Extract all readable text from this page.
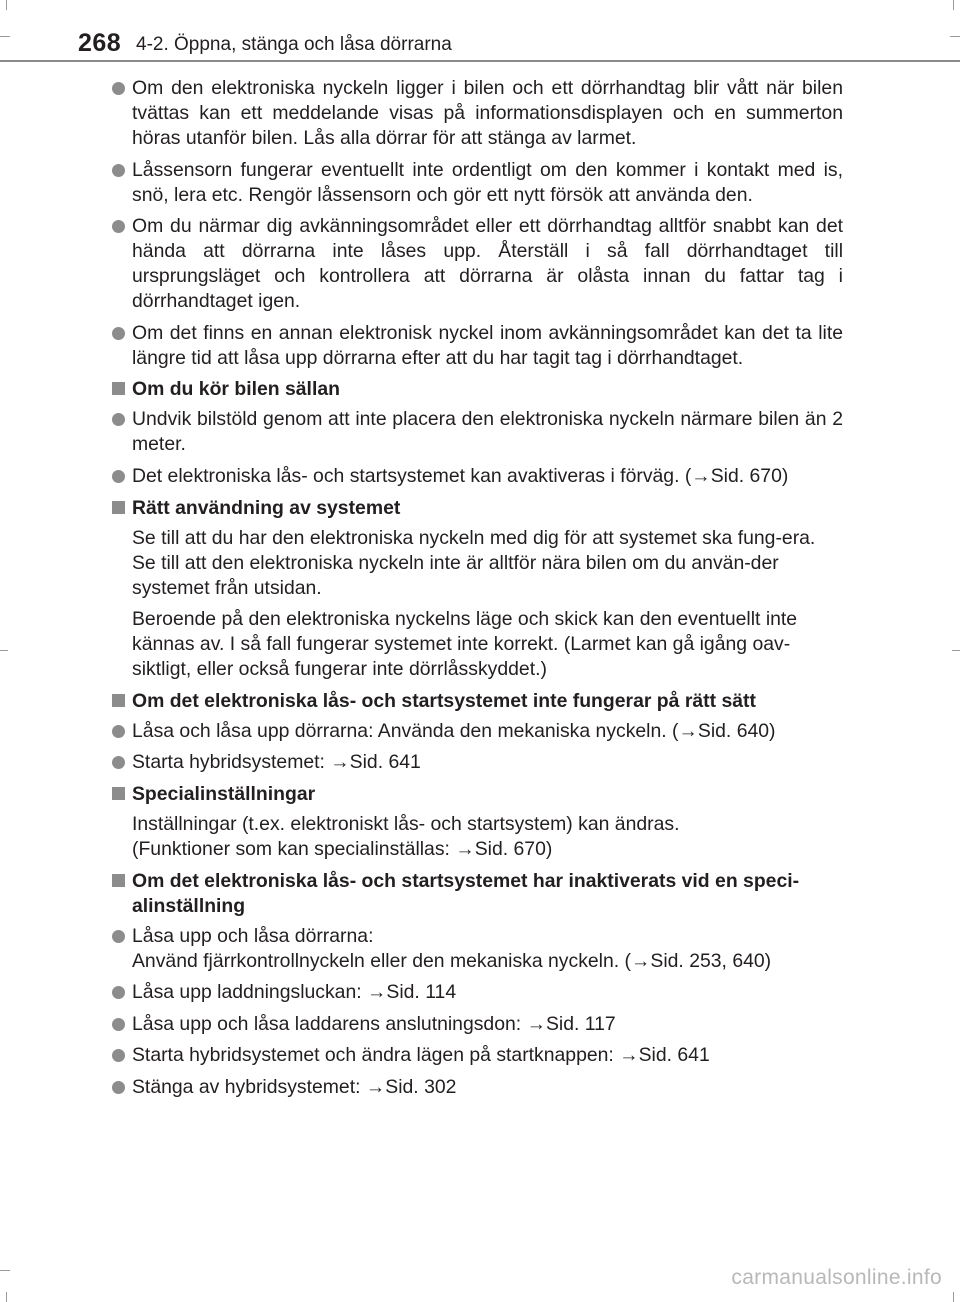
268 4-2. Öppna, stänga och låsa dörrarna
Om den elektroniska nyckeln ligger i bilen och ett dörrhandtag blir vått när bilen tvättas kan ett meddelande visas på informationsdisplayen och en summerton höras utanför bilen. Lås alla dörrar för att stänga av larmet.
Låssensorn fungerar eventuellt inte ordentligt om den kommer i kontakt med is, snö, lera etc. Rengör låssensorn och gör ett nytt försök att använda den.
Om du närmar dig avkänningsområdet eller ett dörrhandtag alltför snabbt kan det hända att dörrarna inte låses upp. Återställ i så fall dörrhandtaget till ursprungsläget och kontrollera att dörrarna är olåsta innan du fattar tag i dörrhandtaget igen.
Om det finns en annan elektronisk nyckel inom avkänningsområdet kan det ta lite längre tid att låsa upp dörrarna efter att du har tagit tag i dörrhandtaget.
Om du kör bilen sällan
Undvik bilstöld genom att inte placera den elektroniska nyckeln närmare bilen än 2 meter.
Det elektroniska lås- och startsystemet kan avaktiveras i förväg. (→Sid. 670)
Rätt användning av systemet
Se till att du har den elektroniska nyckeln med dig för att systemet ska fung-era. Se till att den elektroniska nyckeln inte är alltför nära bilen om du använ-der systemet från utsidan.
Beroende på den elektroniska nyckelns läge och skick kan den eventuellt inte kännas av. I så fall fungerar systemet inte korrekt. (Larmet kan gå igång oav-siktligt, eller också fungerar inte dörrlåsskyddet.)
Om det elektroniska lås- och startsystemet inte fungerar på rätt sätt
Låsa och låsa upp dörrarna: Använda den mekaniska nyckeln. (→Sid. 640)
Starta hybridsystemet: →Sid. 641
Specialinställningar
Inställningar (t.ex. elektroniskt lås- och startsystem) kan ändras.
(Funktioner som kan specialinställas: →Sid. 670)
Om det elektroniska lås- och startsystemet har inaktiverats vid en speci-alinställning
Låsa upp och låsa dörrarna:
Använd fjärrkontrollnyckeln eller den mekaniska nyckeln. (→Sid. 253, 640)
Låsa upp laddningsluckan: →Sid. 114
Låsa upp och låsa laddarens anslutningsdon: →Sid. 117
Starta hybridsystemet och ändra lägen på startknappen: →Sid. 641
Stänga av hybridsystemet: →Sid. 302
carmanualsonline.info
